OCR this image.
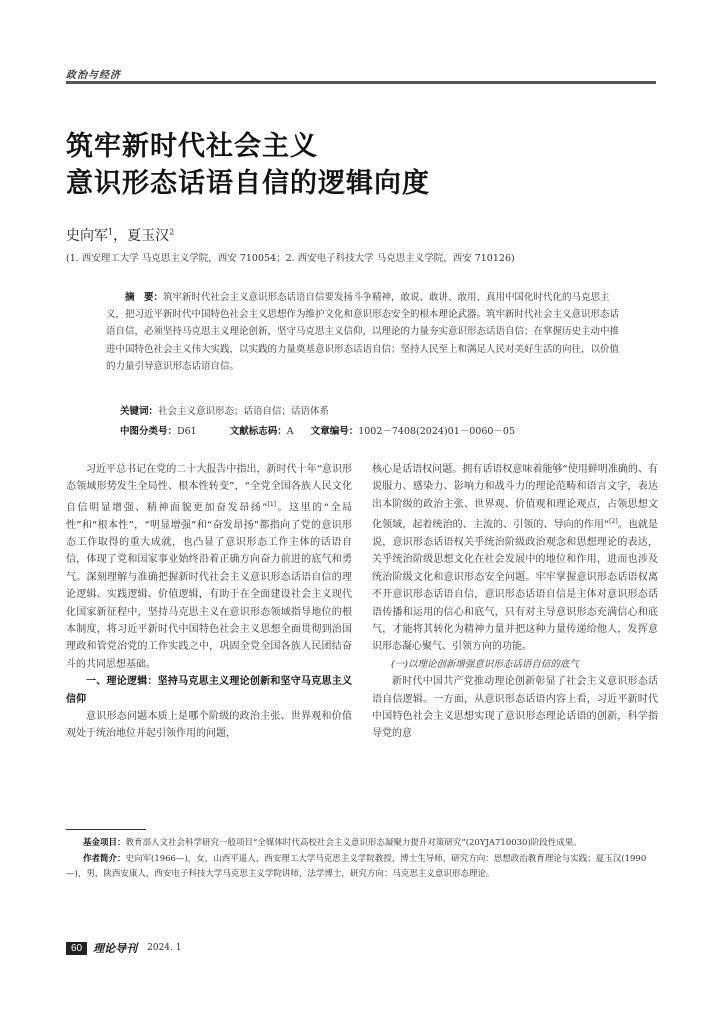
政治与经济
筑牢新时代社会主义
意识形态话语自信的逻辑向度
史向军$^1$，夏玉汉$^2$
(1. 西安理工大学 马克思主义学院，西安 710054；2. 西安电子科技大学 马克思主义学院，西安 710126)
摘　要：筑牢新时代社会主义意识形态话语自信要发扬斗争精神，敢说、敢讲、敢用、真用中国化时代化的马克思主义，把习近平新时代中国特色社会主义思想作为维护文化和意识形态安全的根本理论武器。筑牢新时代社会主义意识形态话语自信，必须坚持马克思主义理论创新，坚守马克思主义信仰，以理论的力量夯实意识形态话语自信；在掌握历史主动中推进中国特色社会主义伟大实践，以实践的力量奠基意识形态话语自信；坚持人民至上和满足人民对美好生活的向往，以价值的力量引导意识形态话语自信。
关键词：社会主义意识形态；话语自信；话语体系
中图分类号：D61	文献标志码：A 文章编号：1002－7408(2024)01－0060－05

习近平总书记在党的二十大报告中指出，新时代十年“意识形态领域形势发生全局性、根本性转变”，“全党全国各族人民文化自信明显增强、精神面貌更加奋发昂扬”[1]。这里的“全局性”和“根本性”，“明显增强”和“奋发昂扬”都指向了党的意识形态工作取得的重大成就，也凸显了意识形态工作主体的话语自信，体现了党和国家事业始终沿着正确方向奋力前进的底气和勇气。深刻理解与准确把握新时代社会主义意识形态话语自信的理论逻辑、实践逻辑、价值逻辑，有助于在全面建设社会主义现代化国家新征程中，坚持马克思主义在意识形态领域指导地位的根本制度，将习近平新时代中国特色社会主义思想全面贯彻到治国理政和管党治党的工作实践之中，巩固全党全国各族人民团结奋斗的共同思想基础。

一、理论逻辑：坚持马克思主义理论创新和坚守马克思主义信仰

意识形态问题本质上是哪个阶级的政治主张、世界观和价值观处于统治地位并起引领作用的问题，

核心是话语权问题。拥有话语权意味着能够“使用鲜明准确的、有说服力、感染力、影响力和战斗力的理论范畴和语言文字，表达出本阶级的政治主张、世界观、价值观和理论观点，占领思想文化领域，起着统治的、主流的、引领的、导向的作用”[2]。也就是说，意识形态话语权关乎统治阶级政治观念和思想理论的表达，关乎统治阶级思想文化在社会发展中的地位和作用，进而也涉及统治阶级文化和意识形态安全问题。牢牢掌握意识形态话语权离不开意识形态话语自信，意识形态话语自信是主体对意识形态话语传播和运用的信心和底气，只有对主导意识形态充满信心和底气，才能将其转化为精神力量并把这种力量传递给他人，发挥意识形态凝心聚气、引领方向的功能。

(一)以理论创新增强意识形态话语自信的底气

新时代中国共产党推动理论创新彰显了社会主义意识形态话语自信逻辑。一方面，从意识形态话语内容上看，习近平新时代中国特色社会主义思想实现了意识形态理论话语的创新，科学指导党的意

基金项目：教育部人文社会科学研究一般项目“全媒体时代高校社会主义意识形态凝聚力提升对策研究”(20YJA710030)阶段性成果。
作者简介：史向军(1966—)，女，山西平遥人，西安理工大学马克思主义学院教授，博士生导师，研究方向：思想政治教育理论与实践；夏玉汉(1990—)，男，陕西安康人，西安电子科技大学马克思主义学院讲师，法学博士，研究方向：马克思主义意识形态理论。
60	理论导刊 2024. 1
